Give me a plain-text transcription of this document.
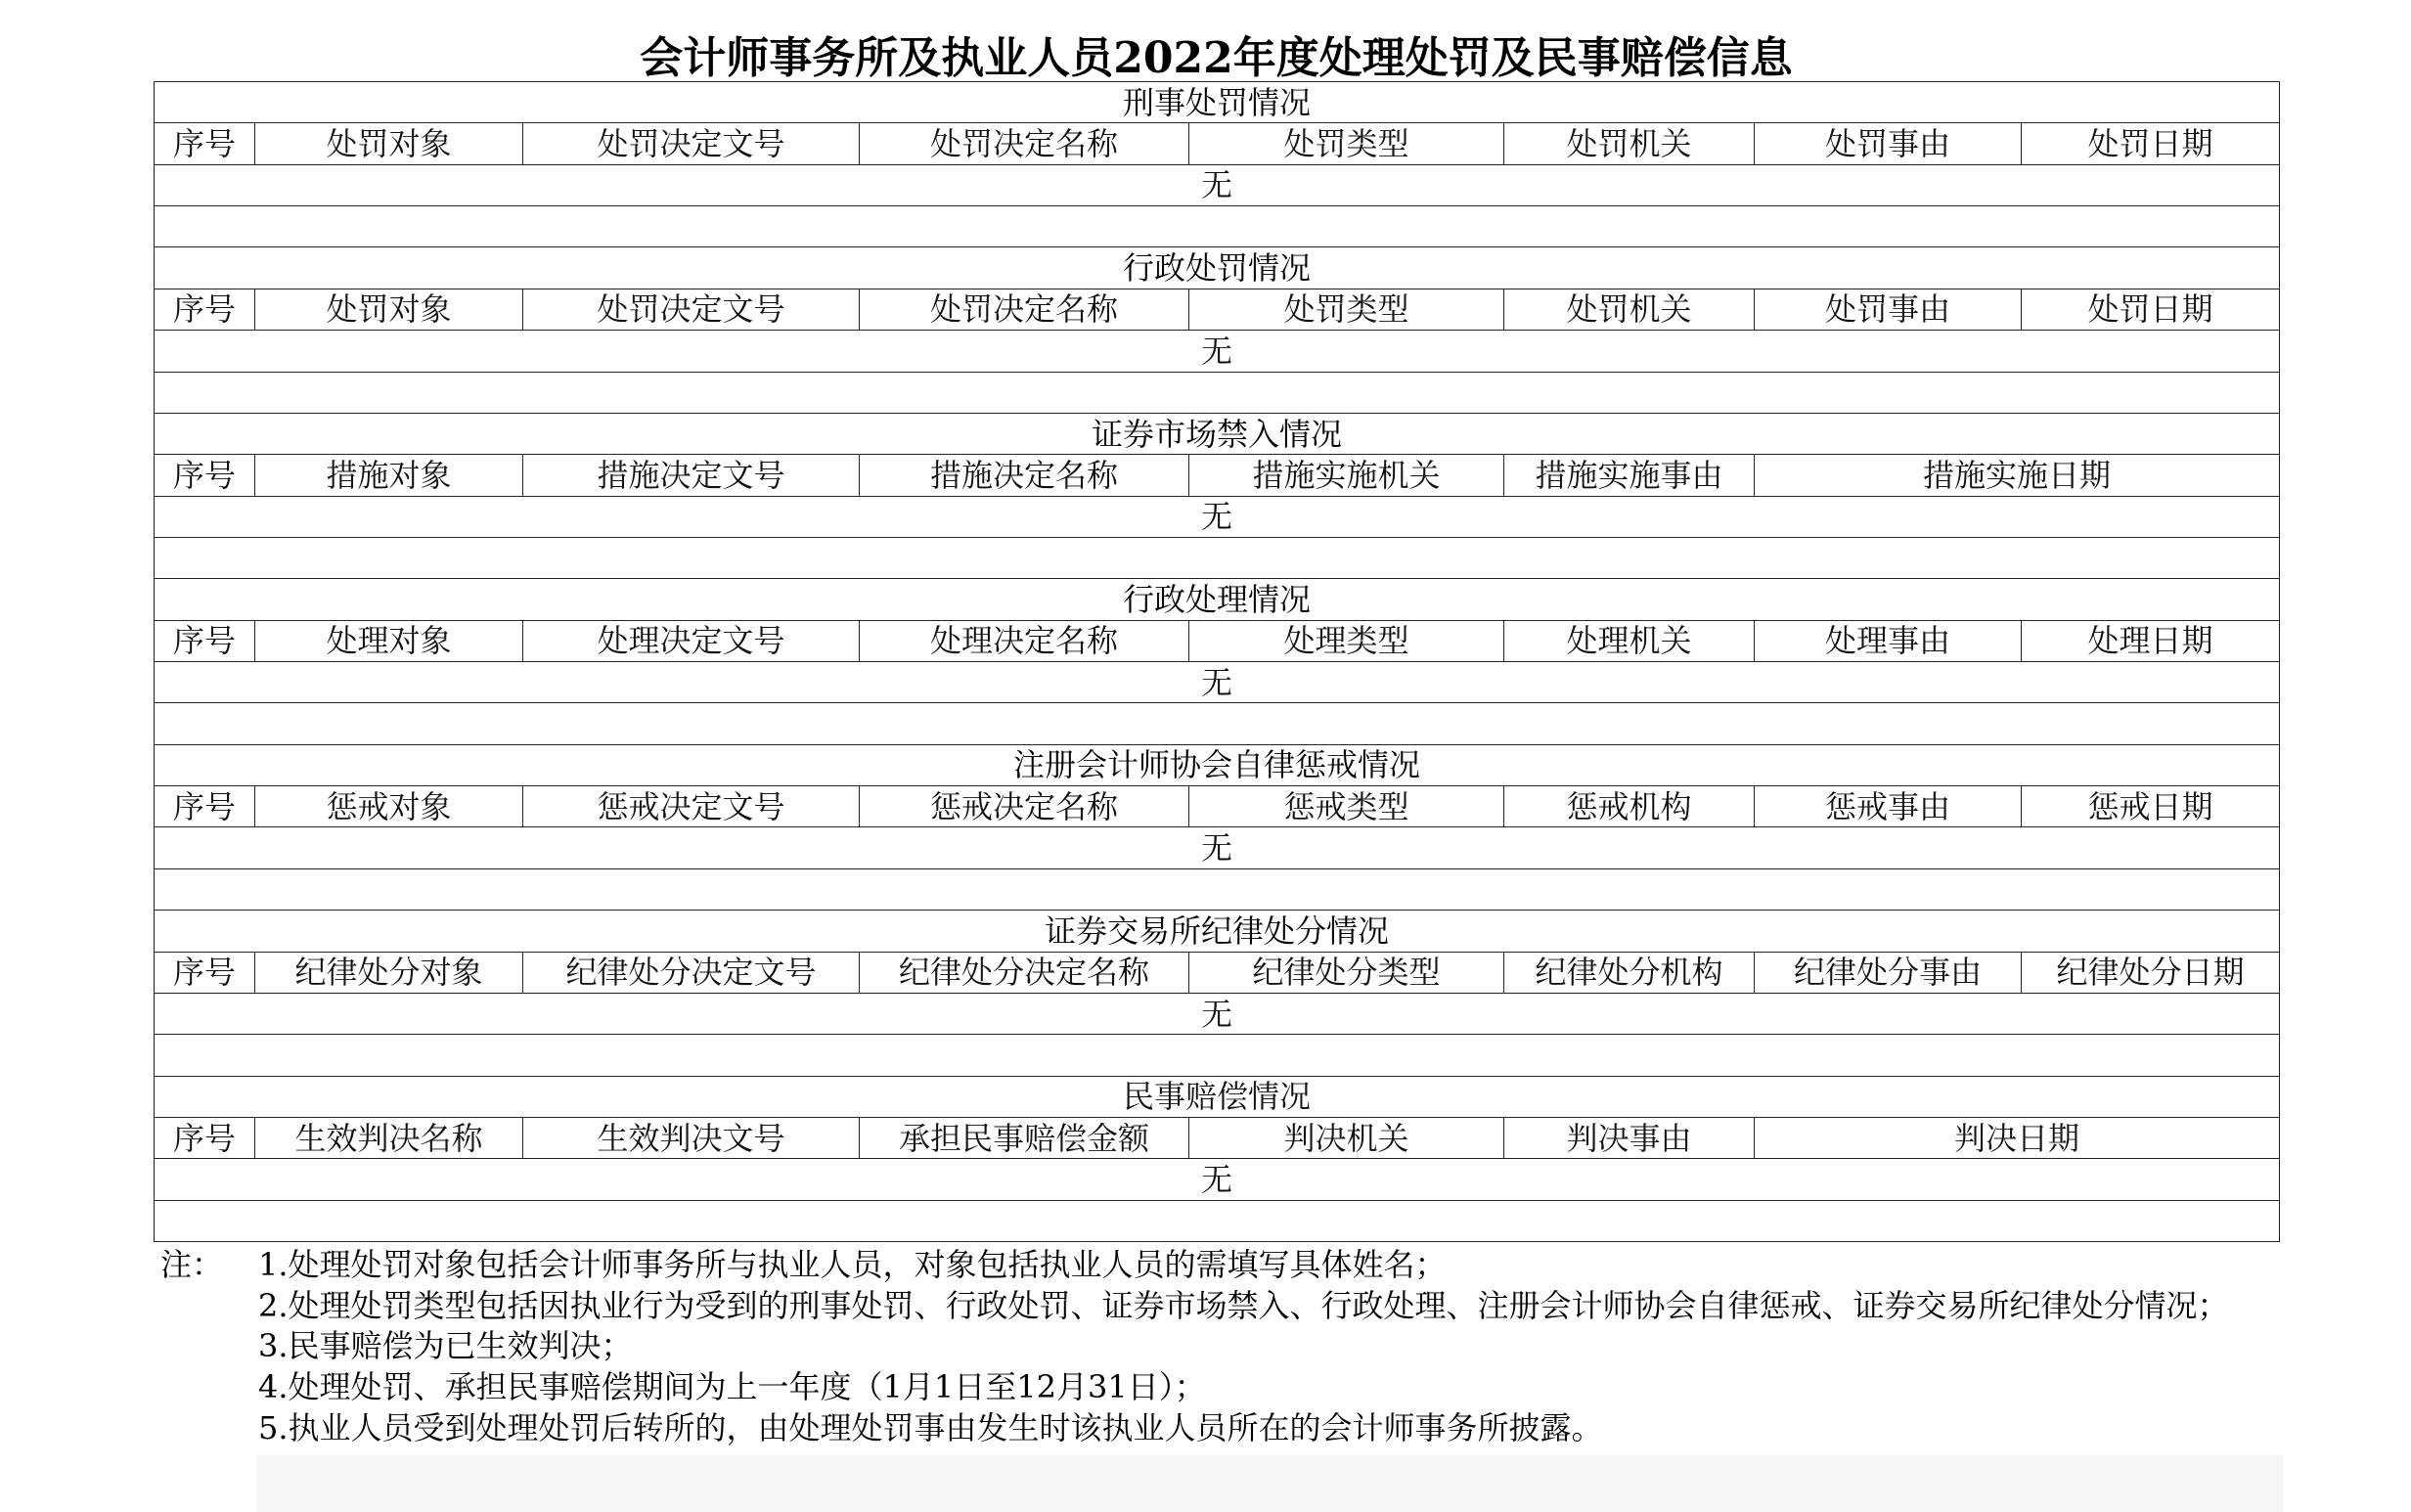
会计师事务所及执业人员2022年度处理处罚及民事赔偿信息
刑事处罚情况							
序号	处罚对象	处罚决定文号	处罚决定名称	处罚类型	处罚机关	处罚事由	处罚日期
无							

行政处罚情况							
序号	处罚对象	处罚决定文号	处罚决定名称	处罚类型	处罚机关	处罚事由	处罚日期
无							

证券市场禁入情况							
序号	措施对象	措施决定文号	措施决定名称	措施实施机关	措施实施事由	措施实施日期	
无							

行政处理情况							
序号	处理对象	处理决定文号	处理决定名称	处理类型	处理机关	处理事由	处理日期
无							

注册会计师协会自律惩戒情况							
序号	惩戒对象	惩戒决定文号	惩戒决定名称	惩戒类型	惩戒机构	惩戒事由	惩戒日期
无							

证券交易所纪律处分情况							
序号	纪律处分对象	纪律处分决定文号	纪律处分决定名称	纪律处分类型	纪律处分机构	纪律处分事由	纪律处分日期
无							

民事赔偿情况							
序号	生效判决名称	生效判决文号	承担民事赔偿金额	判决机关	判决事由	判决日期	
无							

注： 1.处理处罚对象包括会计师事务所与执业人员，对象包括执业人员的需填写具体姓名；
2.处理处罚类型包括因执业行为受到的刑事处罚、行政处罚、证券市场禁入、行政处理、注册会计师协会自律惩戒、证券交易所纪律处分情况；
3.民事赔偿为已生效判决；
4.处理处罚、承担民事赔偿期间为上一年度（1月1日至12月31日）；
5.执业人员受到处理处罚后转所的，由处理处罚事由发生时该执业人员所在的会计师事务所披露。
